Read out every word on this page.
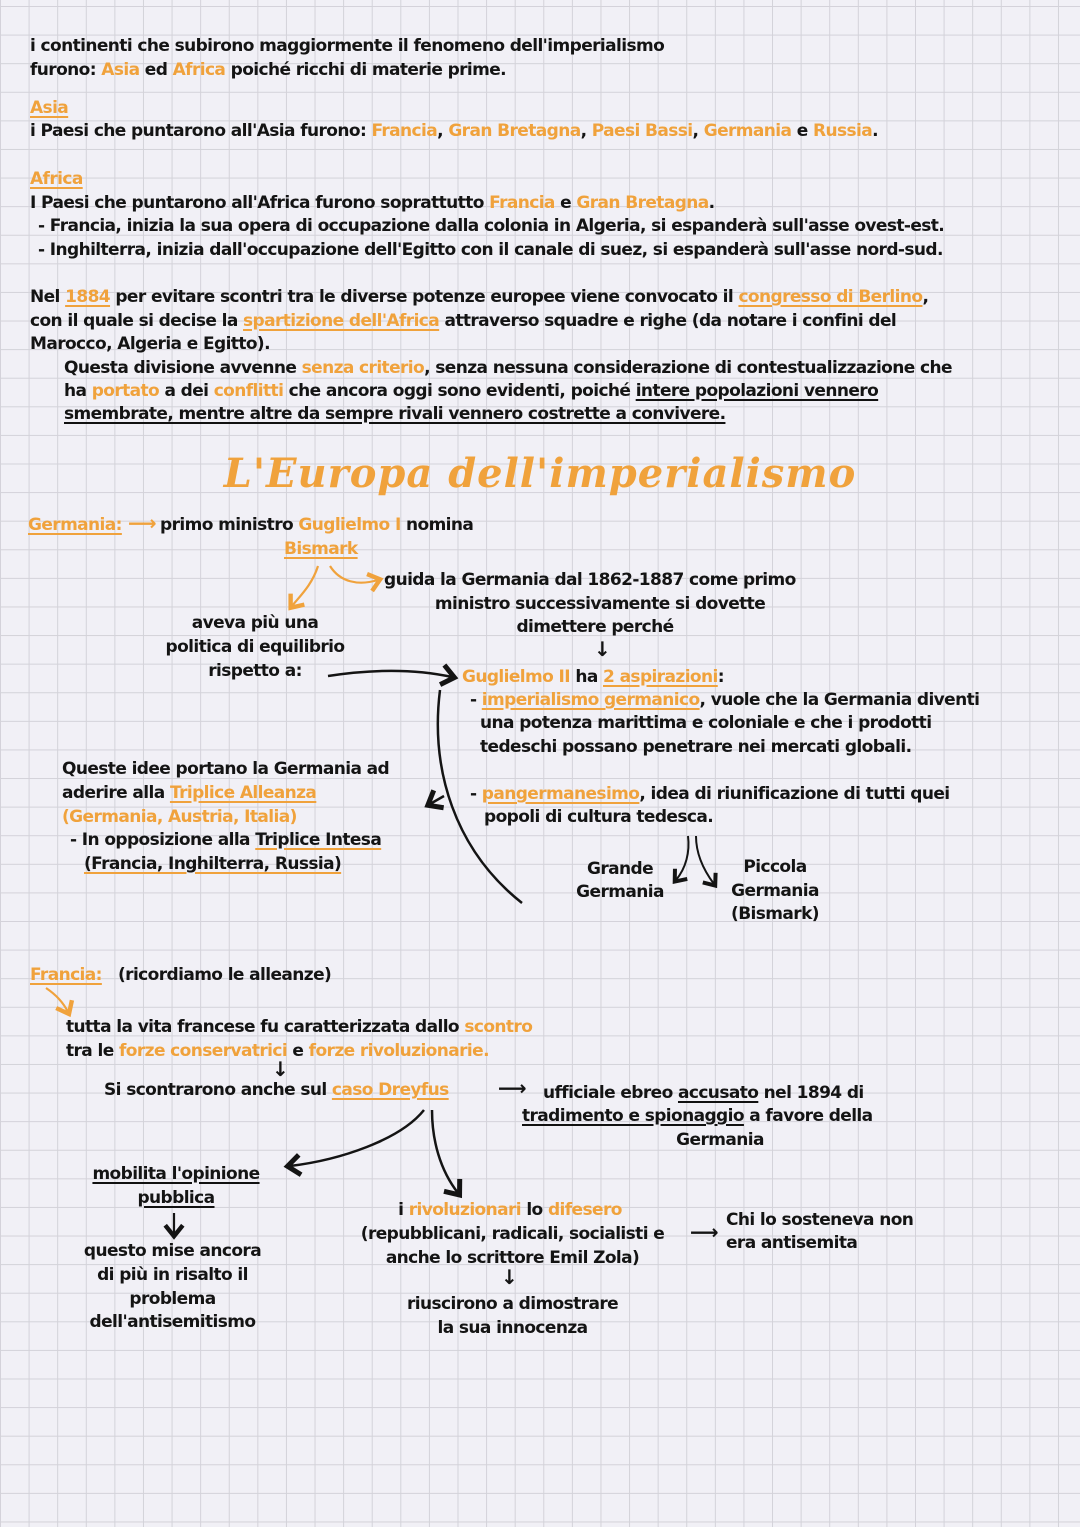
i continenti che subirono maggiormente il fenomeno dell'imperialismo
furono: Asia ed Africa poiché ricchi di materie prime.
Asia
i Paesi che puntarono all'Asia furono: Francia, Gran Bretagna, Paesi Bassi, Germania e Russia.
Africa
I Paesi che puntarono all'Africa furono soprattutto Francia e Gran Bretagna.
- Francia, inizia la sua opera di occupazione dalla colonia in Algeria, si espanderà sull'asse ovest-est.
- Inghilterra, inizia dall'occupazione dell'Egitto con il canale di suez, si espanderà sull'asse nord-sud.
Nel 1884 per evitare scontri tra le diverse potenze europee viene convocato il congresso di Berlino,
con il quale si decise la spartizione dell'Africa attraverso squadre e righe (da notare i confini del
Marocco, Algeria e Egitto).
Questa divisione avvenne senza criterio, senza nessuna considerazione di contestualizzazione che
ha portato a dei conflitti che ancora oggi sono evidenti, poiché intere popolazioni vennero
smembrate, mentre altre da sempre rivali vennero costrette a convivere.
L'Europa dell'imperialismo
Germania: ⟶ primo ministro Guglielmo I nomina
Bismark
guida la Germania dal 1862-1887 come primo
ministro successivamente si dovette
dimettere perché
↓
aveva più una
politica di equilibrio
rispetto a:	Guglielmo II ha 2 aspirazioni:
- imperialismo germanico, vuole che la Germania diventi
una potenza marittima e coloniale e che i prodotti
tedeschi possano penetrare nei mercati globali.
- pangermanesimo, idea di riunificazione di tutti quei
popoli di cultura tedesca.
Grande
Germania
Piccola
Germania
(Bismark)
Queste idee portano la Germania ad
aderire alla Triplice Alleanza
(Germania, Austria, Italia)
- In opposizione alla Triplice Intesa
(Francia, Inghilterra, Russia)
Francia: (ricordiamo le alleanze)
tutta la vita francese fu caratterizzata dallo scontro
tra le forze conservatrici e forze rivoluzionarie.
↓
Si scontrarono anche sul caso Dreyfus ⟶ ufficiale ebreo accusato nel 1894 di
tradimento e spionaggio a favore della
Germania
mobilita l'opinione
pubblica
questo mise ancora
di più in risalto il
problema
dell'antisemitismo
i rivoluzionari lo difesero
(repubblicani, radicali, socialisti e
anche lo scrittore Emil Zola)
⟶ Chi lo sosteneva non
era antisemita
↓
riuscirono a dimostrare
la sua innocenza
